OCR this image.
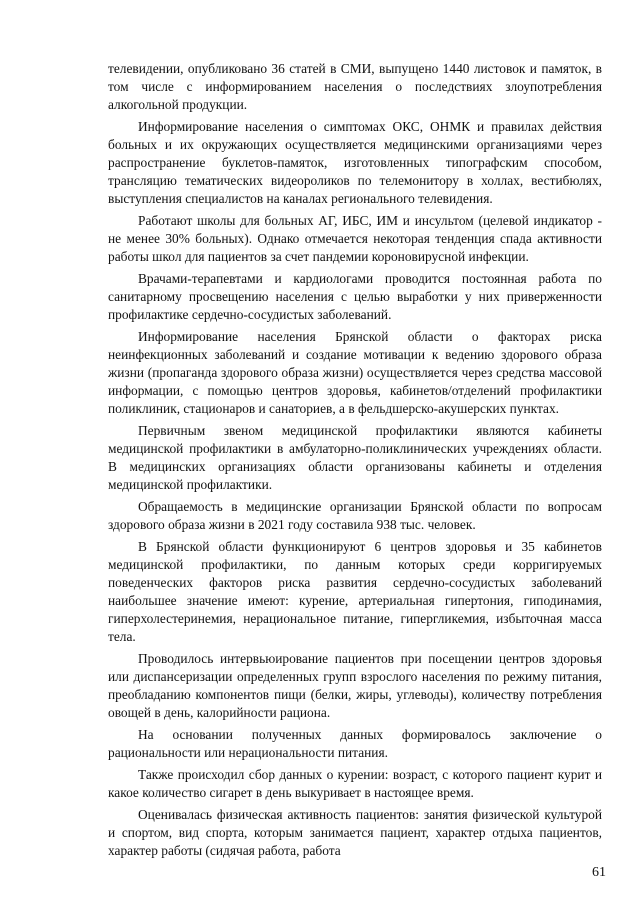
телевидении, опубликовано 36 статей в СМИ, выпущено 1440 листовок и памяток, в том числе с информированием населения о последствиях злоупотребления алкогольной продукции.

Информирование населения о симптомах ОКС, ОНМК и правилах действия больных и их окружающих осуществляется медицинскими организациями через распространение буклетов-памяток, изготовленных типографским способом, трансляцию тематических видеороликов по телемонитору в холлах, вестибюлях, выступления специалистов на каналах регионального телевидения.

Работают школы для больных АГ, ИБС, ИМ и инсультом (целевой индикатор - не менее 30% больных). Однако отмечается некоторая тенденция спада активности работы школ для пациентов за счет пандемии короновирусной инфекции.

Врачами-терапевтами и кардиологами проводится постоянная работа по санитарному просвещению населения с целью выработки у них приверженности профилактике сердечно-сосудистых заболеваний.

Информирование населения Брянской области о факторах риска неинфекционных заболеваний и создание мотивации к ведению здорового образа жизни (пропаганда здорового образа жизни) осуществляется через средства массовой информации, с помощью центров здоровья, кабинетов/отделений профилактики поликлиник, стационаров и санаториев, а в фельдшерско-акушерских пунктах.

Первичным звеном медицинской профилактики являются кабинеты медицинской профилактики в амбулаторно-поликлинических учреждениях области. В медицинских организациях области организованы кабинеты и отделения медицинской профилактики.

Обращаемость в медицинские организации Брянской области по вопросам здорового образа жизни в 2021 году составила 938 тыс. человек.

В Брянской области функционируют 6 центров здоровья и 35 кабинетов медицинской профилактики, по данным которых среди корригируемых поведенческих факторов риска развития сердечно-сосудистых заболеваний наибольшее значение имеют: курение, артериальная гипертония, гиподинамия, гиперхолестеринемия, нерациональное питание, гипергликемия, избыточная масса тела.

Проводилось интервьюирование пациентов при посещении центров здоровья или диспансеризации определенных групп взрослого населения по режиму питания, преобладанию компонентов пищи (белки, жиры, углеводы), количеству потребления овощей в день, калорийности рациона.

На основании полученных данных формировалось заключение о рациональности или нерациональности питания.

Также происходил сбор данных о курении: возраст, с которого пациент курит и какое количество сигарет в день выкуривает в настоящее время.

Оценивалась физическая активность пациентов: занятия физической культурой и спортом, вид спорта, которым занимается пациент, характер отдыха пациентов, характер работы (сидячая работа, работа

61
